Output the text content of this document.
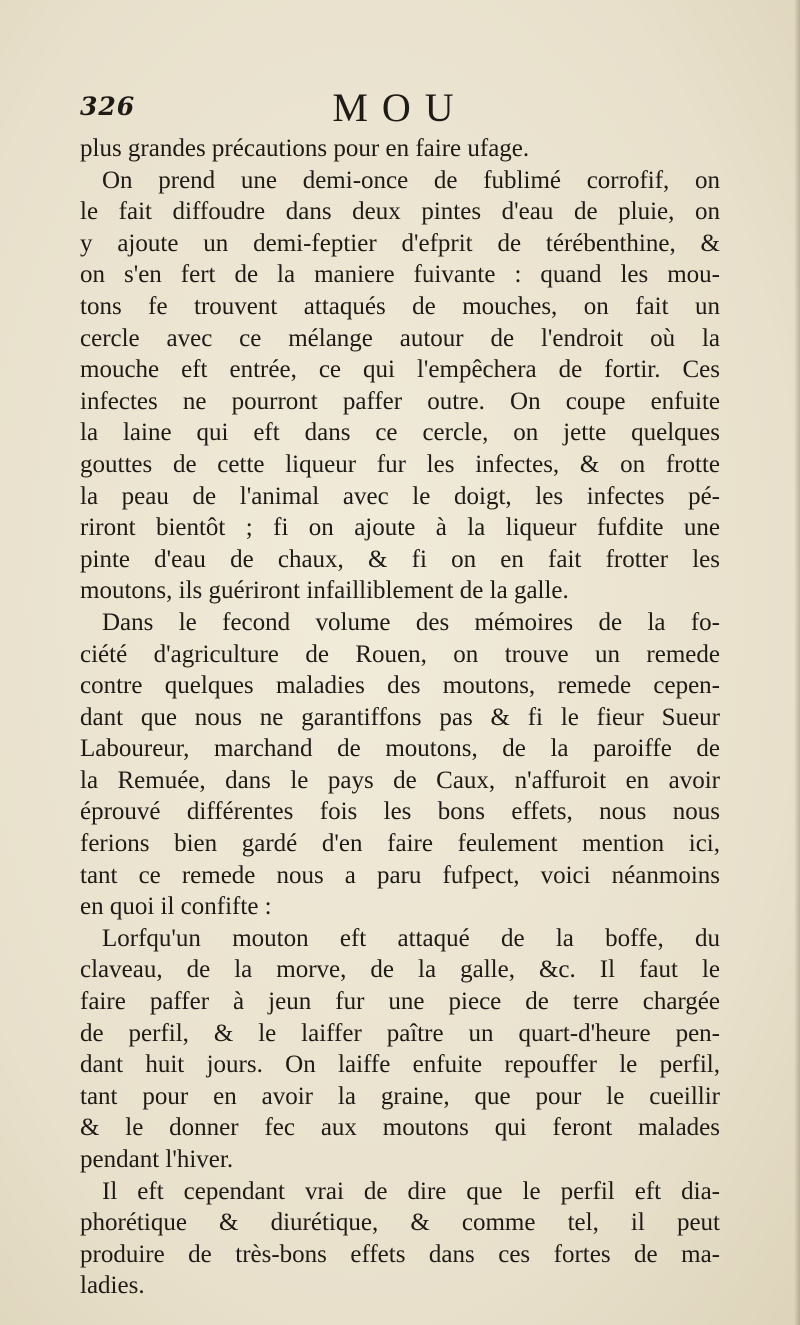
326	MOU
plus grandes précautions pour en faire ufage.
On prend une demi-once de fublimé corrofif, on
le fait diffoudre dans deux pintes d'eau de pluie, on
y ajoute un demi-feptier d'efprit de térébenthine, &
on s'en fert de la maniere fuivante : quand les mou-
tons fe trouvent attaqués de mouches, on fait un
cercle avec ce mélange autour de l'endroit où la
mouche eft entrée, ce qui l'empêchera de fortir. Ces
infectes ne pourront paffer outre. On coupe enfuite
la laine qui eft dans ce cercle, on jette quelques
gouttes de cette liqueur fur les infectes, & on frotte
la peau de l'animal avec le doigt, les infectes pé-
riront bientôt ; fi on ajoute à la liqueur fufdite une
pinte d'eau de chaux, & fi on en fait frotter les
moutons, ils guériront infailliblement de la galle.
Dans le fecond volume des mémoires de la fo-
ciété d'agriculture de Rouen, on trouve un remede
contre quelques maladies des moutons, remede cepen-
dant que nous ne garantiffons pas & fi le fieur Sueur
Laboureur, marchand de moutons, de la paroiffe de
la Remuée, dans le pays de Caux, n'affuroit en avoir
éprouvé différentes fois les bons effets, nous nous
ferions bien gardé d'en faire feulement mention ici,
tant ce remede nous a paru fufpect, voici néanmoins
en quoi il confifte :
Lorfqu'un mouton eft attaqué de la boffe, du
claveau, de la morve, de la galle, &c. Il faut le
faire paffer à jeun fur une piece de terre chargée
de perfil, & le laiffer paître un quart-d'heure pen-
dant huit jours. On laiffe enfuite repouffer le perfil,
tant pour en avoir la graine, que pour le cueillir
& le donner fec aux moutons qui feront malades
pendant l'hiver.
Il eft cependant vrai de dire que le perfil eft dia-
phorétique & diurétique, & comme tel, il peut
produire de très-bons effets dans ces fortes de ma-
ladies.
